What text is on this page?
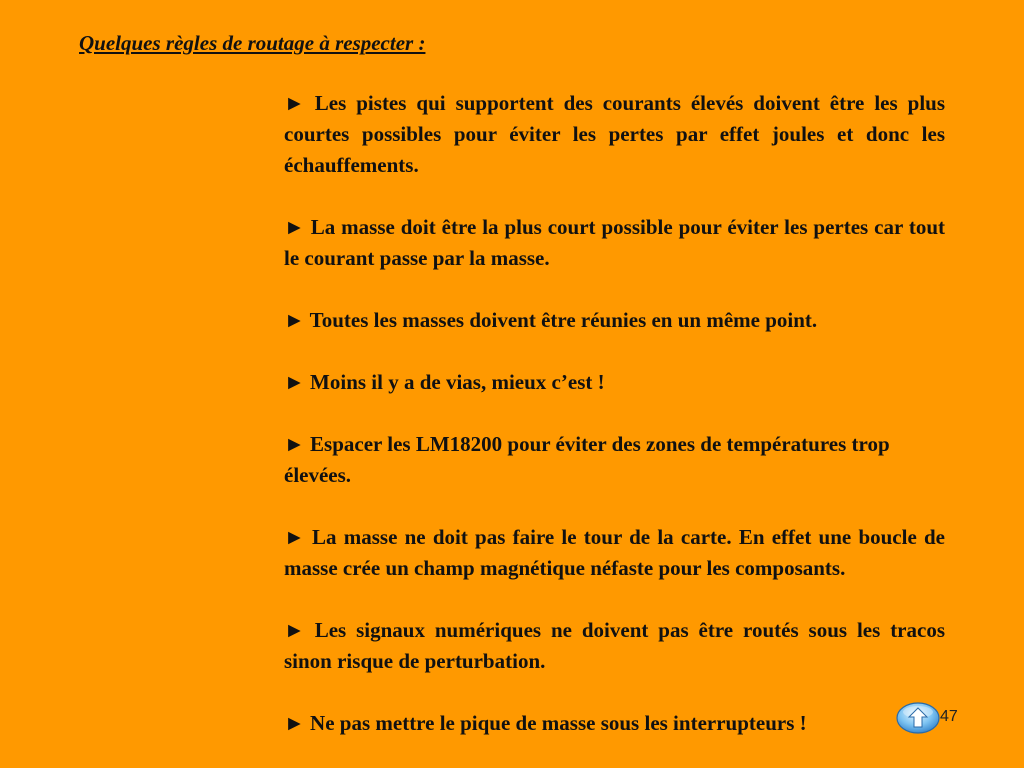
Quelques règles de routage à respecter :
► Les pistes qui supportent des courants élevés doivent être les plus courtes possibles pour éviter les pertes par effet joules et donc les échauffements.
► La masse doit être la plus court possible pour éviter les pertes car tout le courant passe par la masse.
► Toutes les masses doivent être réunies en un même point.
► Moins il y a de vias, mieux c’est !
► Espacer les LM18200 pour éviter des zones de températures trop élevées.
► La masse ne doit pas faire le tour de la carte. En effet une boucle de masse crée un champ magnétique néfaste pour les composants.
► Les signaux numériques ne doivent pas être routés sous les tracos sinon risque de perturbation.
► Ne pas mettre le pique de masse sous les interrupteurs !	47
